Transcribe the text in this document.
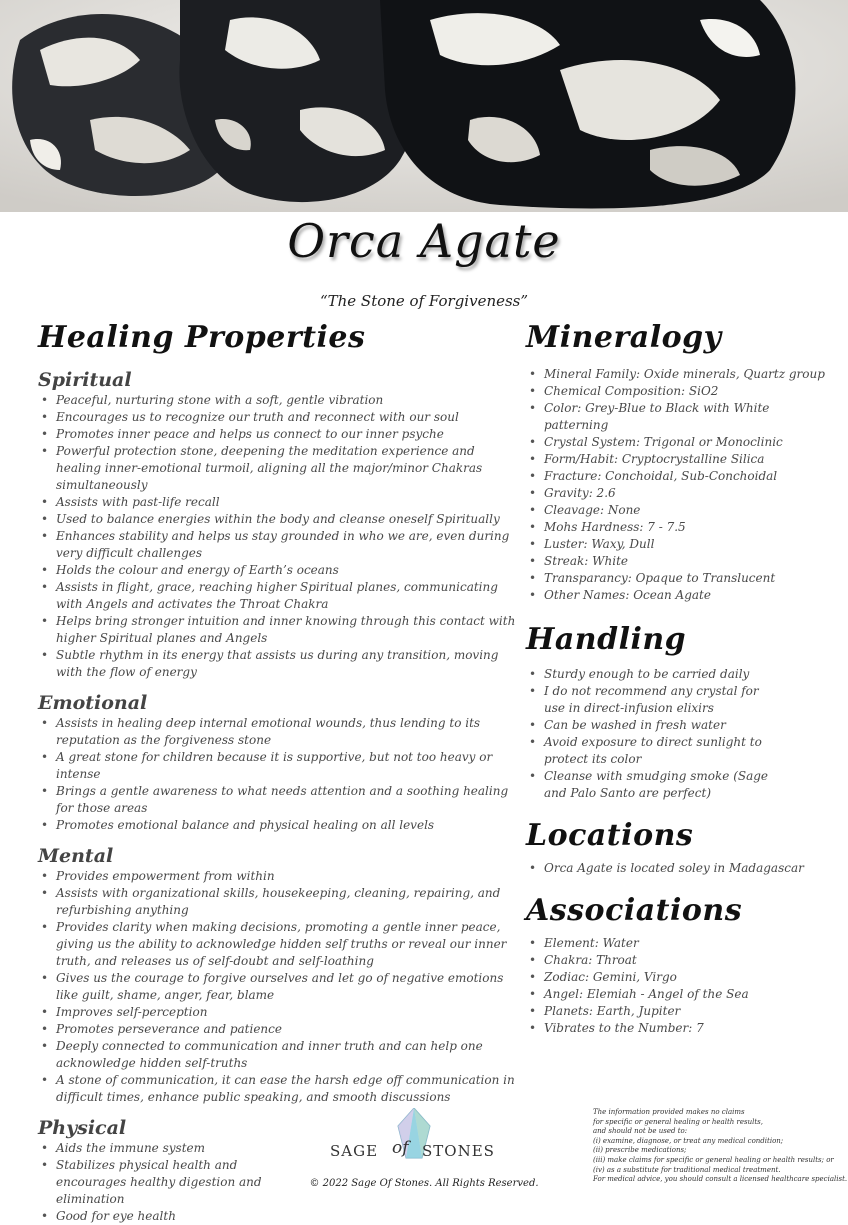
Orca Agate
“The Stone of Forgiveness”
Healing Properties
Spiritual
• Peaceful, nurturing stone with a soft, gentle vibration
• Encourages us to recognize our truth and reconnect with our soul
• Promotes inner peace and helps us connect to our inner psyche
• Powerful protection stone, deepening the meditation experience and healing inner-emotional turmoil, aligning all the major/minor Chakras simultaneously
• Assists with past-life recall
• Used to balance energies within the body and cleanse oneself Spiritually
• Enhances stability and helps us stay grounded in who we are, even during very difficult challenges
• Holds the colour and energy of Earth’s oceans
• Assists in flight, grace, reaching higher Spiritual planes, communicating with Angels and activates the Throat Chakra
• Helps bring stronger intuition and inner knowing through this contact with higher Spiritual planes and Angels
• Subtle rhythm in its energy that assists us during any transition, moving with the flow of energy
Emotional
• Assists in healing deep internal emotional wounds, thus lending to its reputation as the forgiveness stone
• A great stone for children because it is supportive, but not too heavy or intense
• Brings a gentle awareness to what needs attention and a soothing healing for those areas
• Promotes emotional balance and physical healing on all levels
Mental
• Provides empowerment from within
• Assists with organizational skills, housekeeping, cleaning, repairing, and refurbishing anything
• Provides clarity when making decisions, promoting a gentle inner peace, giving us the ability to acknowledge hidden self truths or reveal our inner truth, and releases us of self-doubt and self-loathing
• Gives us the courage to forgive ourselves and let go of negative emotions like guilt, shame, anger, fear, blame
• Improves self-perception
• Promotes perseverance and patience
• Deeply connected to communication and inner truth and can help one acknowledge hidden self-truths
• A stone of communication, it can ease the harsh edge off communication in difficult times, enhance public speaking, and smooth discussions
Physical
• Aids the immune system
• Stabilizes physical health and encourages healthy digestion and elimination
• Good for eye health
Mineralogy
• Mineral Family: Oxide minerals, Quartz group
• Chemical Composition: SiO2
• Color: Grey-Blue to Black with White patterning
• Crystal System: Trigonal or Monoclinic
• Form/Habit: Cryptocrystalline Silica
• Fracture: Conchoidal, Sub-Conchoidal
• Gravity: 2.6
• Cleavage: None
• Mohs Hardness: 7 - 7.5
• Luster: Waxy, Dull
• Streak: White
• Transparancy: Opaque to Translucent
• Other Names: Ocean Agate
Handling
• Sturdy enough to be carried daily
• I do not recommend any crystal for use in direct-infusion elixirs
• Can be washed in fresh water
• Avoid exposure to direct sunlight to protect its color
• Cleanse with smudging smoke (Sage and Palo Santo are perfect)
Locations
• Orca Agate is located soley in Madagascar
Associations
• Element: Water
• Chakra: Throat
• Zodiac: Gemini, Virgo
• Angel: Elemiah - Angel of the Sea
• Planets: Earth, Jupiter
• Vibrates to the Number: 7
SAGE of STONES
© 2022 Sage Of Stones. All Rights Reserved.
The information provided makes no claims
for specific or general healing or health results,
and should not be used to:
(i) examine, diagnose, or treat any medical condition;
(ii) prescribe medications;
(iii) make claims for specific or general healing or health results; or
(iv) as a substitute for traditional medical treatment.
For medical advice, you should consult a licensed healthcare specialist.
